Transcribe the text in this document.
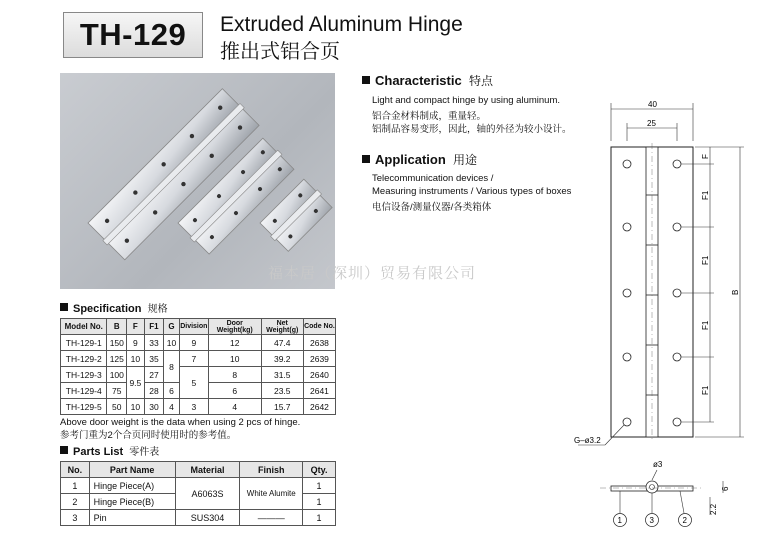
TH-129 Extruded Aluminum Hinge
推出式铝合页
Characteristic 特点
Light and compact hinge by using aluminum.
铝合金材料制成，重量轻。
铝制品容易变形，因此，轴的外径为较小设计。
Application 用途
Telecommunication devices /
Measuring instruments / Various types of boxes
电信设备/测量仪器/各类箱体
福本居（深圳）贸易有限公司
Specification 规格
Model No.	B	F	F1	G	Division	Door Weight(kg)	Net Weight(g)	Code No.
TH-129-1	150	9	33	10	9	12	47.4	2638
TH-129-2	125	10	35	8	7	10	39.2	2639
TH-129-3	100	9.5	27		5	8	31.5	2640
TH-129-4	75		28	6		6	23.5	2641
TH-129-5	50	10	30	4	3	4	15.7	2642
Above door weight is the data when using 2 pcs of hinge.
参考门重为2个合页同时使用时的参考值。
Parts List 零件表
No.	Part Name	Material	Finish	Qty.
1	Hinge Piece(A)	A6063S	White Alumite	1
2	Hinge Piece(B)			1
3	Pin	SUS304	———	1
40
25
F
F1
F1
F1
F1
B
G–ø3.2
ø3
6
2.2
1	3	2
